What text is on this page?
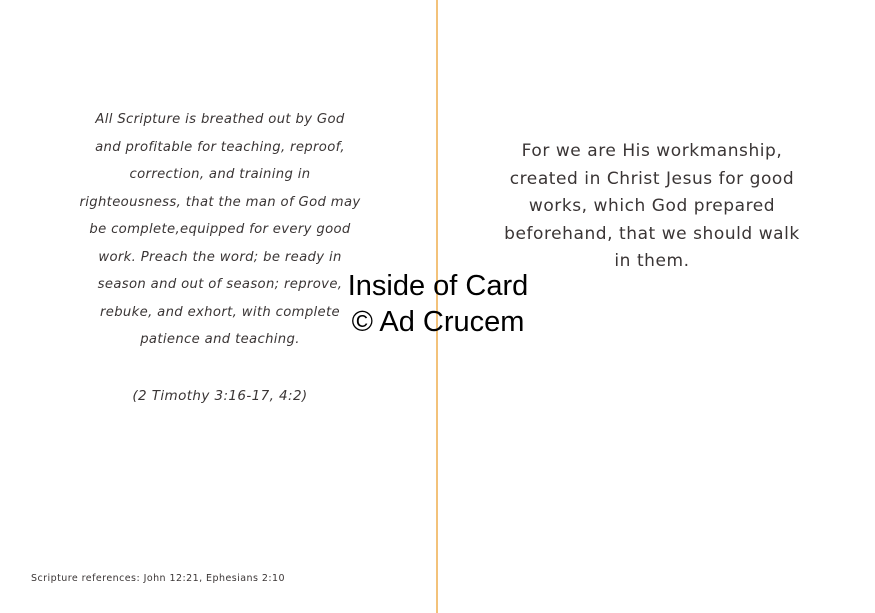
All Scripture is breathed out by God
and profitable for teaching, reproof,
correction, and training in
righteousness, that the man of God may
be complete,equipped for every good
work. Preach the word; be ready in
season and out of season; reprove,
rebuke, and exhort, with complete
patience and teaching.
(2 Timothy 3:16-17, 4:2)
For we are His workmanship,
created in Christ Jesus for good
works, which God prepared
beforehand, that we should walk
in them.
Inside of Card
© Ad Crucem
Scripture references: John 12:21, Ephesians 2:10
